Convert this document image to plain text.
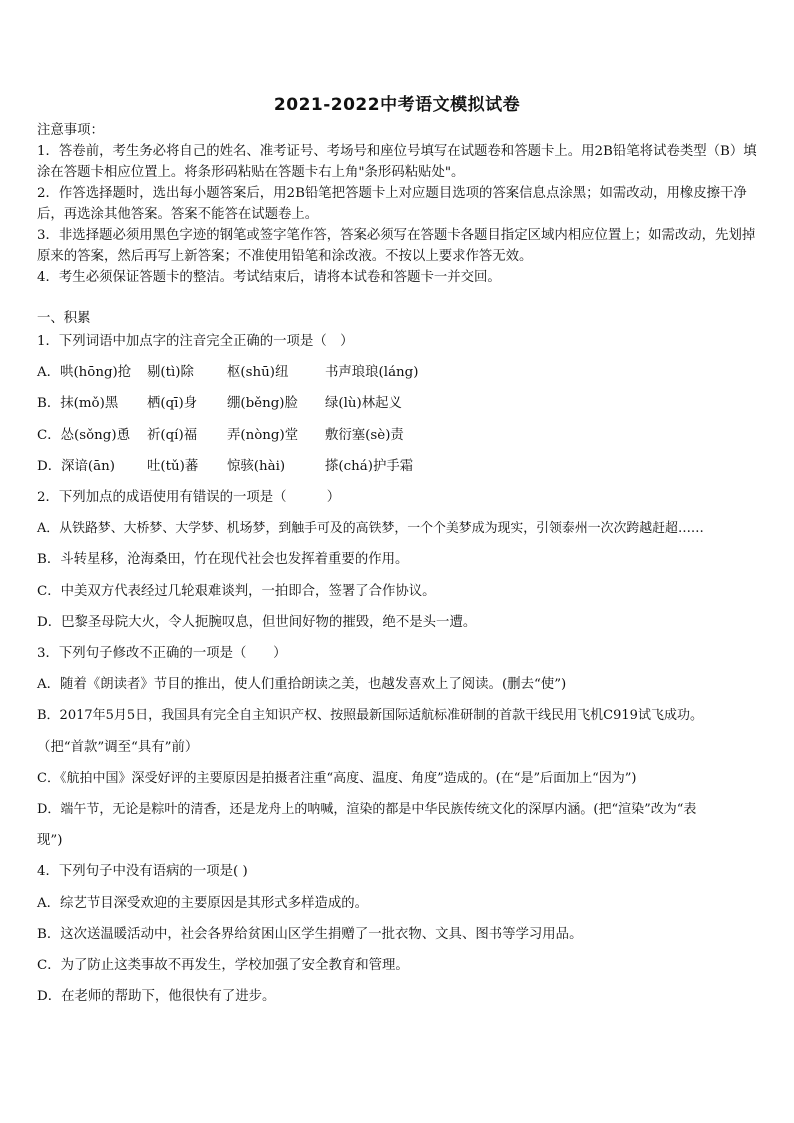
2021-2022中考语文模拟试卷

注意事项：

1．答卷前，考生务必将自己的姓名、准考证号、考场号和座位号填写在试题卷和答题卡上。用2B铅笔将试卷类型（B）填涂在答题卡相应位置上。将条形码粘贴在答题卡右上角"条形码粘贴处"。

2．作答选择题时，选出每小题答案后，用2B铅笔把答题卡上对应题目选项的答案信息点涂黑；如需改动，用橡皮擦干净后，再选涂其他答案。答案不能答在试题卷上。

3．非选择题必须用黑色字迹的钢笔或签字笔作答，答案必须写在答题卡各题目指定区域内相应位置上；如需改动，先划掉原来的答案，然后再写上新答案；不准使用铅笔和涂改液。不按以上要求作答无效。

4．考生必须保证答题卡的整洁。考试结束后，请将本试卷和答题卡一并交回。

一、积累
1．下列词语中加点字的注音完全正确的一项是（　）
A．哄(hōng)抢	剔(tì)除	枢(shū)纽	书声琅琅(láng)
B．抹(mǒ)黑	栖(qī)身	绷(běng)脸	绿(lù)林起义
C．怂(sǒng)恿	祈(qí)福	弄(nòng)堂	敷衍塞(sè)责
D．深谙(ān)	吐(tǔ)蕃	惊骇(hài)	搽(chá)护手霜
2．下列加点的成语使用有错误的一项是（　　　）
A．从铁路梦、大桥梦、大学梦、机场梦，到触手可及的高铁梦，一个个美梦成为现实，引领泰州一次次跨越赶超……
B．斗转星移，沧海桑田，竹在现代社会也发挥着重要的作用。
C．中美双方代表经过几轮艰难谈判，一拍即合，签署了合作协议。
D．巴黎圣母院大火，令人扼腕叹息，但世间好物的摧毁，绝不是头一遭。
3．下列句子修改不正确的一项是（　　）
A．随着《朗读者》节目的推出，使人们重拾朗读之美，也越发喜欢上了阅读。(删去“使”)
B．2017年5月5日，我国具有完全自主知识产权、按照最新国际适航标准研制的首款干线民用飞机C919试飞成功。
（把“首款”调至“具有”前）
C．《航拍中国》深受好评的主要原因是拍摄者注重“高度、温度、角度”造成的。(在“是”后面加上“因为”)
D．端午节，无论是粽叶的清香，还是龙舟上的呐喊，渲染的都是中华民族传统文化的深厚内涵。(把“渲染”改为“表
现”)
4．下列句子中没有语病的一项是( )
A．综艺节目深受欢迎的主要原因是其形式多样造成的。
B．这次送温暖活动中，社会各界给贫困山区学生捐赠了一批衣物、文具、图书等学习用品。
C．为了防止这类事故不再发生，学校加强了安全教育和管理。
D．在老师的帮助下，他很快有了进步。
